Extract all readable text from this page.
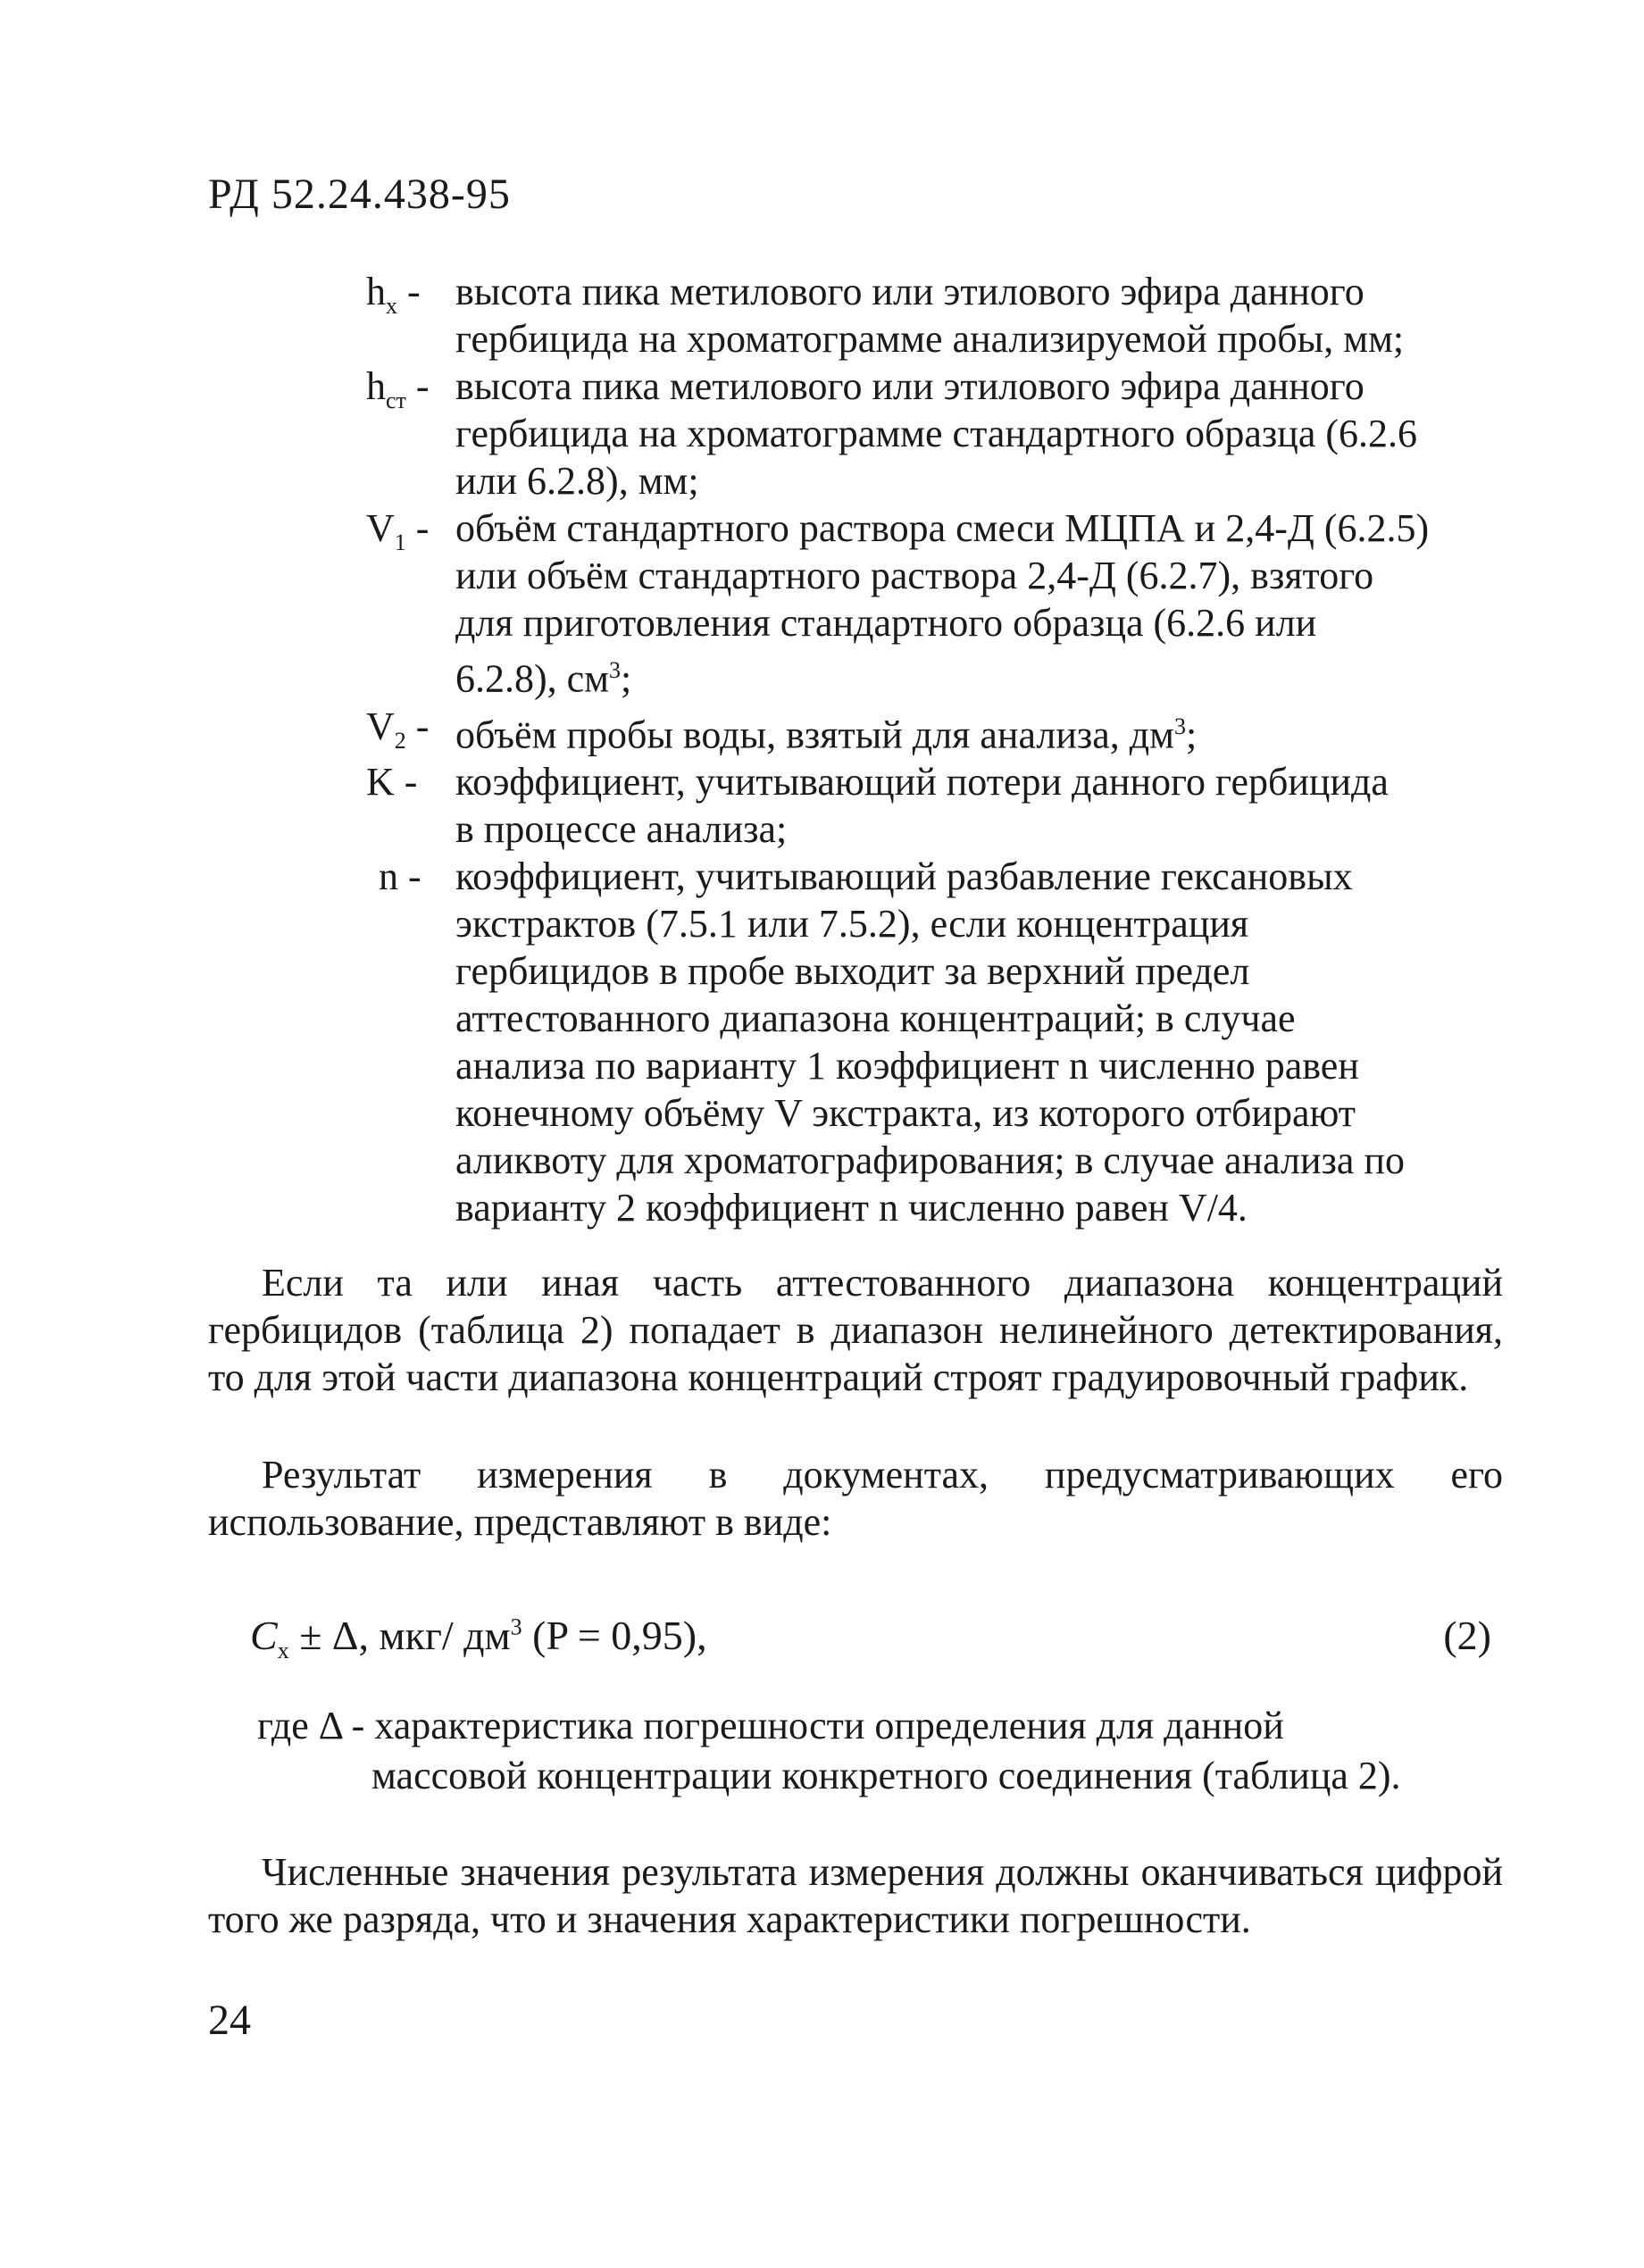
РД 52.24.438-95
$h_x$ - высота пика метилового или этилового эфира данного
гербицида на хроматограмме анализируемой пробы, мм;
$h_{ст}$ - высота пика метилового или этилового эфира данного
гербицида на хроматограмме стандартного образца (6.2.6
или 6.2.8), мм;
$V_1$ - объём стандартного раствора смеси МЦПА и 2,4-Д (6.2.5)
или объём стандартного раствора 2,4-Д (6.2.7), взятого
для приготовления стандартного образца (6.2.6 или
6.2.8), $см^3$;
$V_2$ - объём пробы воды, взятый для анализа, $дм^3$;
K - коэффициент, учитывающий потери данного гербицида
в процессе анализа;
n - коэффициент, учитывающий разбавление гексановых
экстрактов (7.5.1 или 7.5.2), если концентрация
гербицидов в пробе выходит за верхний предел
аттестованного диапазона концентраций; в случае
анализа по варианту 1 коэффициент n численно равен
конечному объёму V экстракта, из которого отбирают
аликвоту для хроматографирования; в случае анализа по
варианту 2 коэффициент n численно равен V/4.

Если та или иная часть аттестованного диапазона концентраций гербицидов (таблица 2) попадает в диапазон нелинейного детектирования, то для этой части диапазона концентраций строят градуировочный график.

Результат измерения в документах, предусматривающих его использование, представляют в виде:

$C_x \pm \Delta$, мкг/ $дм^3$ (P = 0,95),	(2)
где Δ - характеристика погрешности определения для данной
массовой концентрации конкретного соединения (таблица 2).

Численные значения результата измерения должны оканчиваться цифрой того же разряда, что и значения характеристики погрешности.

24
